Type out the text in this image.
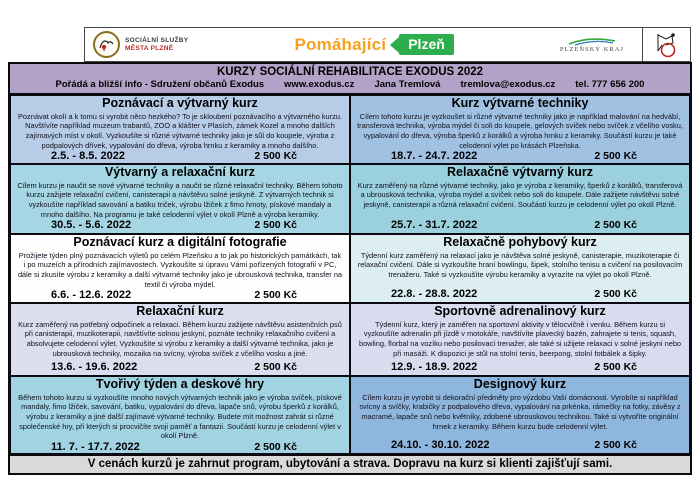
SOCIÁLNÍ SLUŽBY
MĚSTA PLZNĚ	Pomáhající	Plzeň	PLZEŇSKÝ KRAJ
KURZY SOCIÁLNÍ REHABILITACE EXODUS 2022
Pořádá a bližší info - Sdružení občanů Exodus www.exodus.cz Jana Tremlová tremlova@exodus.cz tel. 777 656 200
Poznávací a výtvarný kurz
Poznávat okolí a k tomu si vyrobit něco hezkého? To je skloubení poznávacího a výtvarného kurzu. Navštívíte například muzeum trabantů, ZOO a klášter v Plasích, zámek Kozel a mnoho dalších zajímavých míst v okolí. Vyzkoušíte si různé výtvarné techniky jako je sůl do koupele, výroba z podpalových dřívek, vypalování do dřeva, výroba hrnku z keramiky a mnoho dalšího.
2.5. - 8.5. 2022	2 500 Kč
Kurz výtvarné techniky
Cílem tohoto kurzu je vyzkoušet si různé výtvarné techniky jako je například malování na hedvábí, transferová technika, výroba mýdel či soli do koupele, gelových svíček nebo svíček z včelího vosku, vypalování do dřeva, výroba šperků z korálků a výroba hrnku z keramiky. Součástí kurzu je také celodenní výlet po krásách Plzeňska.
18.7. - 24.7. 2022	2 500 Kč
Výtvarný a relaxační kurz
Cílem kurzu je naučit se nové výtvarné techniky a naučit se různé relaxační techniky. Během tohoto kurzu zažijete relaxační cvičení, canisterapii a návštěvu solné jeskyně. Z výtvarných technik si vyzkoušíte například savování a batiku triček, výrobu lžiček z fimo hmoty, pískové mandaly a mnoho dalšího. Na programu je také celodenní výlet v okolí Plzně a výroba keramiky.
30.5. - 5.6. 2022	2 500 Kč
Relaxačně výtvarný kurz
Kurz zaměřený na různé výtvarné techniky, jako je výroba z keramiky, šperků z korálků, transferová a ubrousková technika, výroba mýdel a svíček nebo soli do koupele. Dále zažijete návštěvu solné jeskyně, canisterapii a různá relaxační cvičení. Součástí kurzu je celodenní výlet po okolí Plzně.
25.7. - 31.7. 2022	2 500 Kč
Poznávací kurz a digitální fotografie
Prožijete týden plný poznávacích výletů po celém Plzeňsku a to jak po historických památkách, tak i po muzeích a přírodních zajímavostech. Vyzkoušíte si úpravu Vámi pořízených fotografií v PC, dále si zkusíte výrobu z keramiky a další výtvarné techniky jako je ubrousková technika, transfer na textil či výroba mýdel.
6.6. - 12.6. 2022	2 500 Kč
Relaxačně pohybový kurz
Týdenní kurz zaměřený na relaxaci jako je návštěva solné jeskyně, canisterapie, muzikoterapie či relaxační cvičení. Dále si vyzkoušíte hraní bowlingu, šipek, stolního tenisu a cvičení na posilovacím trenažeru. Také si vyzkoušíte výrobu keramiky a vyrazíte na výlet po okolí Plzně.
22.8. - 28.8. 2022	2 500 Kč
Relaxační kurz
Kurz zaměřený na potřebný odpočinek a relaxaci. Během kurzu zažijete návštěvu asistenčních psů při canisterapii, muzikoterapii, navštívíte solnou jeskyni, poznáte techniky relaxačního cvičení a absolvujete celodenní výlet. Vyzkoušíte si výrobu z keramiky a další výtvarné technika, jako je ubrousková techniky, mozaika na svícny, výroba svíček z včelího vosku a jiné.
13.6. - 19.6. 2022	2 500 Kč
Sportovně adrenalinový kurz
Týdenní kurz, který je zaměřen na sportovní aktivity v tělocvičně i venku. Během kurzu si vyzkoušíte adrenalin při jízdě v motokáře, navštívíte plavecký bazén, zahrajete si tenis, squash, bowling, florbal na vozíku nebo posilovací trenažer, ale také si užijete relaxaci v solné jeskyni nebo při masáži. K dispozici je stůl na stolní tenis, beerpong, stolní fotbálek a šipky.
12.9. - 18.9. 2022	2 500 Kč
Tvořivý týden a deskové hry
Během tohoto kurzu si vyzkoušíte mnoho nových výtvarných technik jako je výroba svíček, pískové mandaly, fimo lžiček, savování, batiku, vypalování do dřeva, lapače snů, výrobu šperků z korálků, výrobu z keramiky a jiné další zajímavé výtvarné techniky. Budete mít možnost zahrát si různé společenské hry, při kterých si procvičíte svoji paměť a fantazii. Součástí kurzu je celodenní výlet v okolí Plzně.
11. 7. - 17.7. 2022	2 500 Kč
Designový kurz
Cílem kurzu je vyrobit si dekorační předměty pro výzdobu Vaší domácnosti. Vyrobíte si například svícny a svíčky, krabičky z podpalového dřeva, vypalování na prkénka, rámečky na fotky, závěsy z macramé, lapače snů nebo květníky, zdobené ubrouskovou technikou. Také si vytvoříte originální hrnek z keramiky. Během kurzu bude celodenní výlet.
24.10. - 30.10. 2022	2 500 Kč
V cenách kurzů je zahrnut program, ubytování a strava. Dopravu na kurz si klienti zajišťují sami.
